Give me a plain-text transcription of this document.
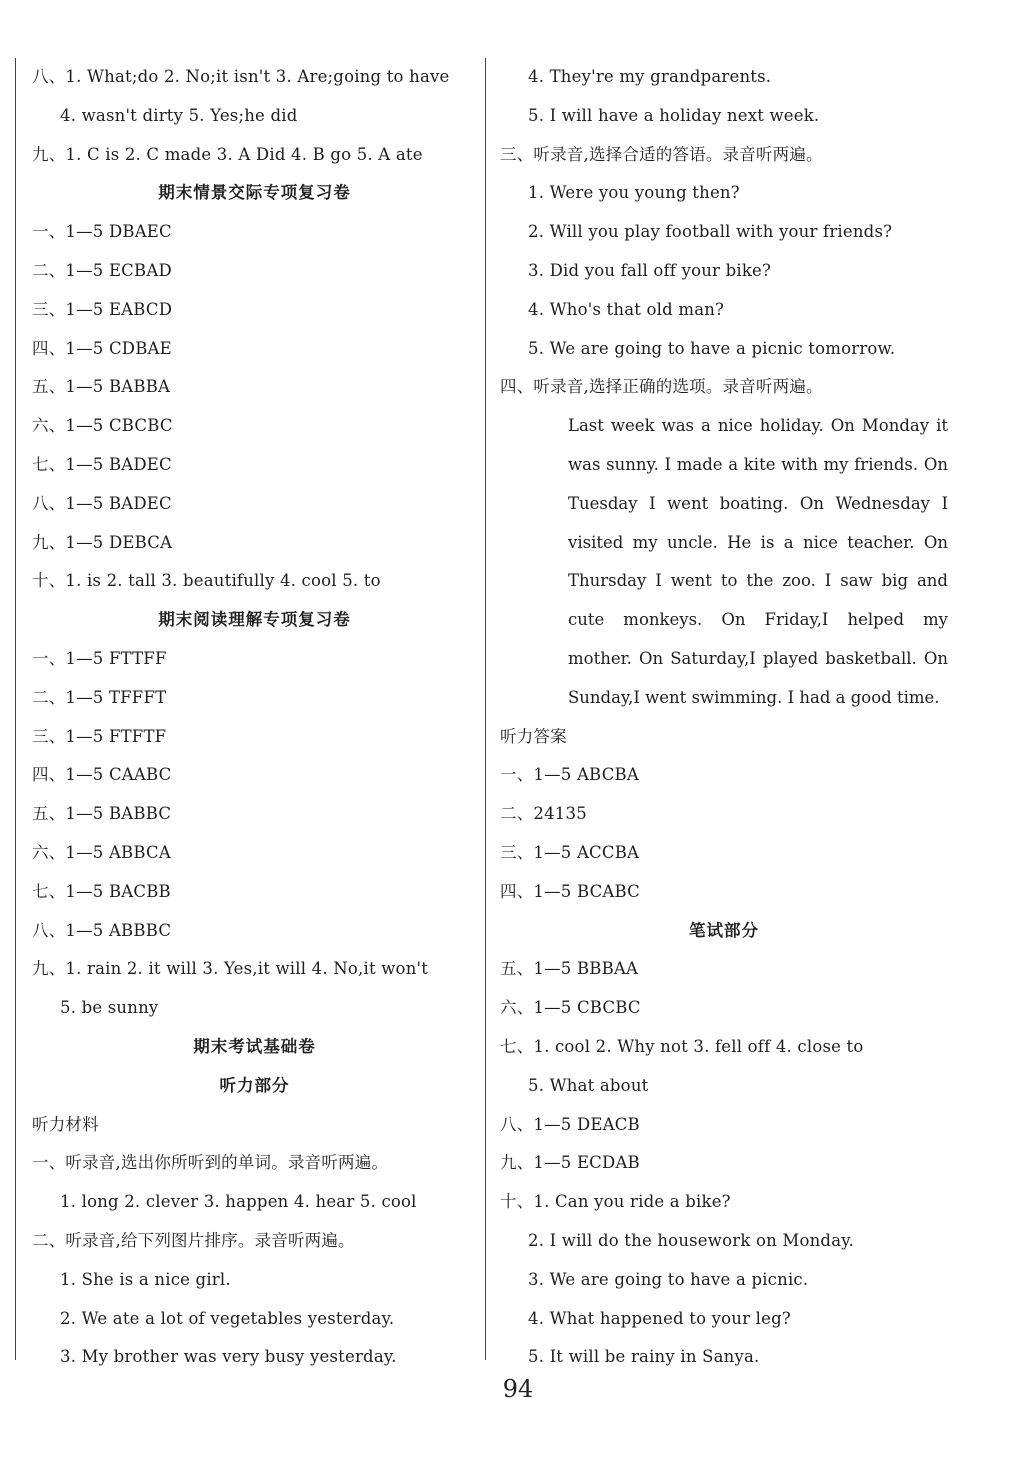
八、1. What;do 2. No;it isn't 3. Are;going to have
4. wasn't dirty 5. Yes;he did
九、1. C is 2. C made 3. A Did 4. B go 5. A ate
期末情景交际专项复习卷
一、1—5 DBAEC
二、1—5 ECBAD
三、1—5 EABCD
四、1—5 CDBAE
五、1—5 BABBA
六、1—5 CBCBC
七、1—5 BADEC
八、1—5 BADEC
九、1—5 DEBCA
十、1. is 2. tall 3. beautifully 4. cool 5. to
期末阅读理解专项复习卷
一、1—5 FTTFF
二、1—5 TFFFT
三、1—5 FTFTF
四、1—5 CAABC
五、1—5 BABBC
六、1—5 ABBCA
七、1—5 BACBB
八、1—5 ABBBC
九、1. rain 2. it will 3. Yes,it will 4. No,it won't
5. be sunny
期末考试基础卷
听力部分
听力材料
一、听录音,选出你所听到的单词。录音听两遍。
1. long 2. clever 3. happen 4. hear 5. cool
二、听录音,给下列图片排序。录音听两遍。
1. She is a nice girl.
2. We ate a lot of vegetables yesterday.
3. My brother was very busy yesterday.
4. They're my grandparents.
5. I will have a holiday next week.
三、听录音,选择合适的答语。录音听两遍。
1. Were you young then?
2. Will you play football with your friends?
3. Did you fall off your bike?
4. Who's that old man?
5. We are going to have a picnic tomorrow.
四、听录音,选择正确的选项。录音听两遍。
Last week was a nice holiday. On Monday it was sunny. I made a kite with my friends. On Tuesday I went boating. On Wednesday I visited my uncle. He is a nice teacher. On Thursday I went to the zoo. I saw big and cute monkeys. On Friday,I helped my mother. On Saturday,I played basketball. On Sunday,I went swimming. I had a good time.
听力答案
一、1—5 ABCBA
二、24135
三、1—5 ACCBA
四、1—5 BCABC
笔试部分
五、1—5 BBBAA
六、1—5 CBCBC
七、1. cool 2. Why not 3. fell off 4. close to
5. What about
八、1—5 DEACB
九、1—5 ECDAB
十、1. Can you ride a bike?
2. I will do the housework on Monday.
3. We are going to have a picnic.
4. What happened to your leg?
5. It will be rainy in Sanya.
94
